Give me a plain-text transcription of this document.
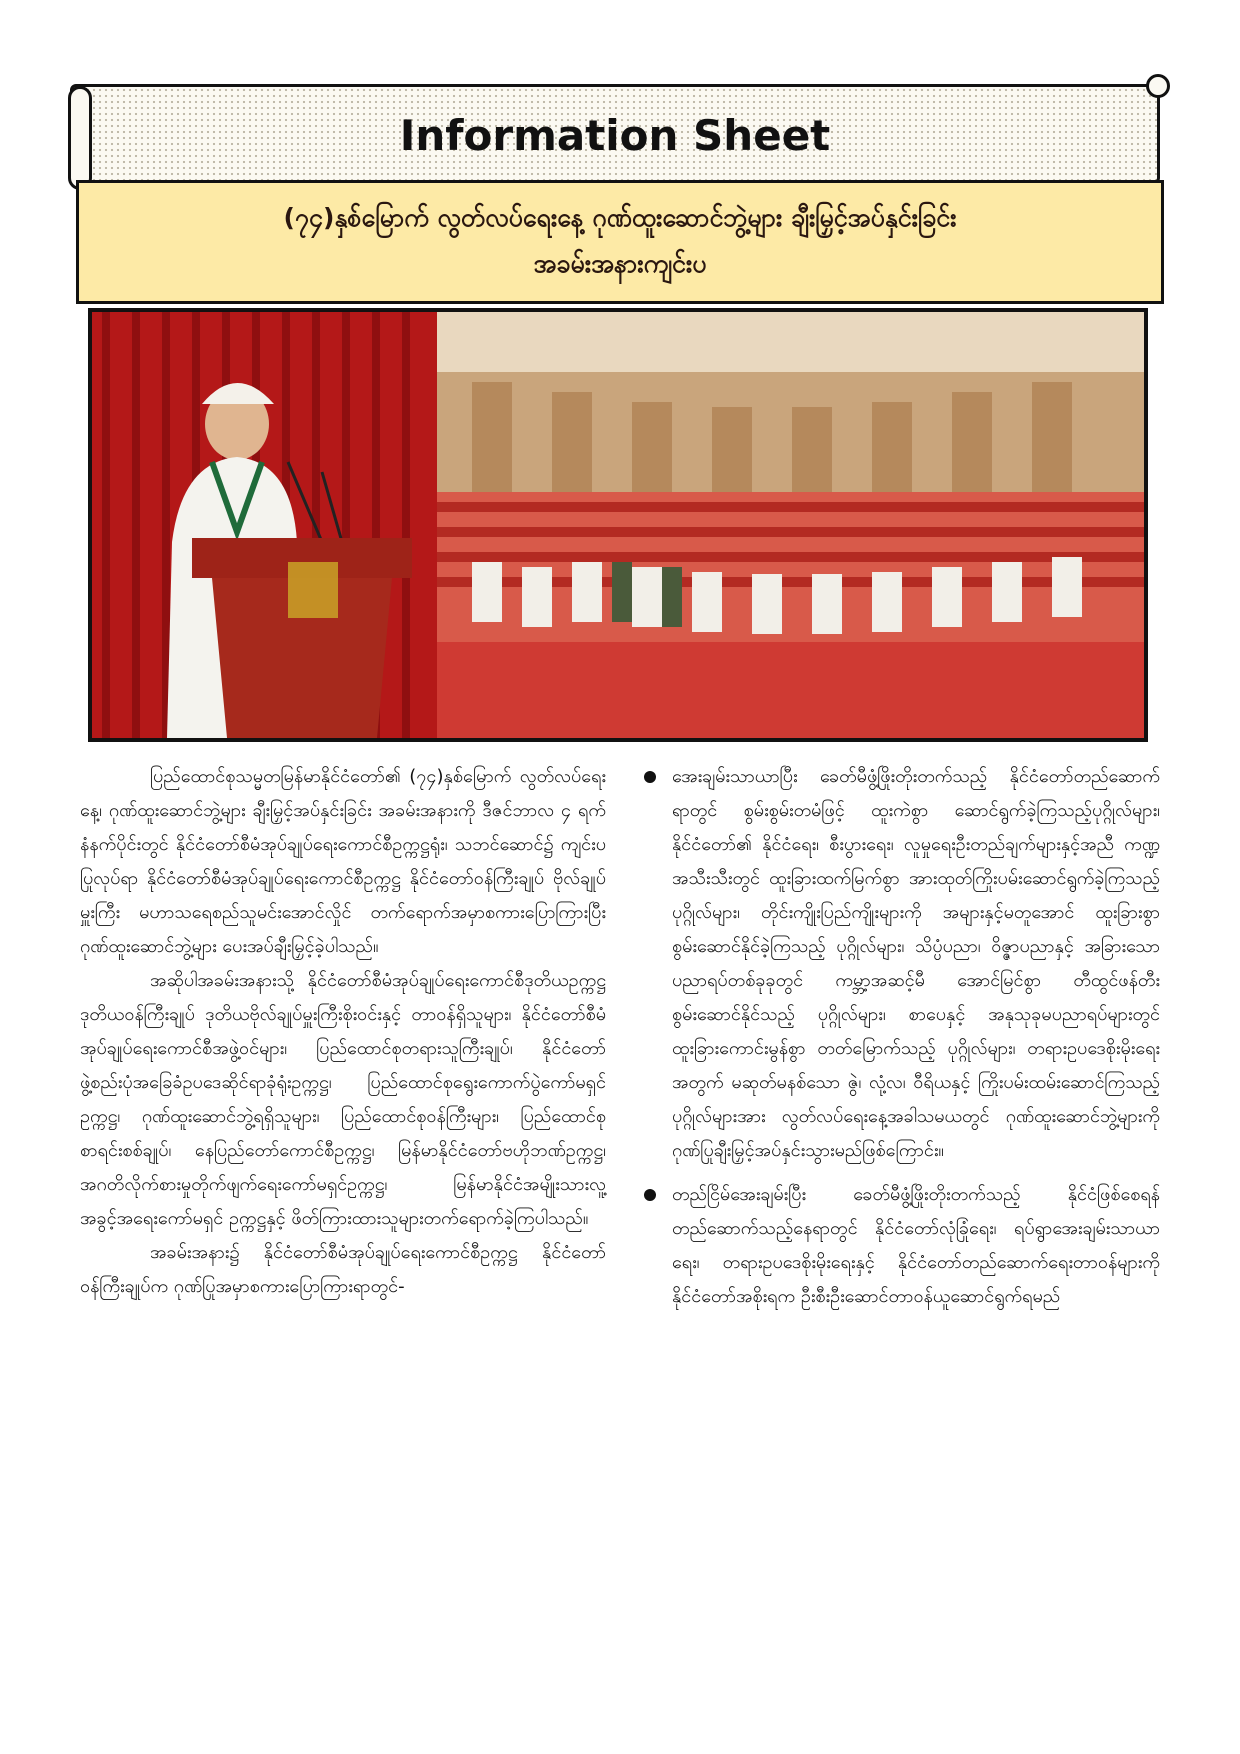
Information Sheet
(၇၄)နှစ်မြောက် လွတ်လပ်ရေးနေ့ ဂုဏ်ထူးဆောင်ဘွဲ့များ ချီးမြှင့်အပ်နှင်းခြင်း
အခမ်းအနားကျင်းပ

ပြည်ထောင်စုသမ္မတမြန်မာနိုင်ငံတော်၏ (၇၄)နှစ်မြောက် လွတ်လပ်ရေးနေ့၊ ဂုဏ်ထူးဆောင်ဘွဲ့များ ချီးမြှင့်အပ်နှင်းခြင်း အခမ်းအနားကို ဒီဇင်ဘာလ ၄ ရက် နံနက်ပိုင်းတွင် နိုင်ငံတော်စီမံအုပ်ချုပ်ရေးကောင်စီဥက္ကဋ္ဌရုံး၊ သဘင်ဆောင်၌ ကျင်းပပြုလုပ်ရာ နိုင်ငံတော်စီမံအုပ်ချုပ်ရေးကောင်စီဥက္ကဋ္ဌ နိုင်ငံတော်ဝန်ကြီးချုပ် ဗိုလ်ချုပ်မှူးကြီး မဟာသရေစည်သူမင်းအောင်လှိုင် တက်ရောက်အမှာစကားပြောကြားပြီး ဂုဏ်ထူးဆောင်ဘွဲ့များ ပေးအပ်ချီးမြှင့်ခဲ့ပါသည်။

အဆိုပါအခမ်းအနားသို့ နိုင်ငံတော်စီမံအုပ်ချုပ်ရေးကောင်စီဒုတိယဥက္ကဋ္ဌ ဒုတိယဝန်ကြီးချုပ် ဒုတိယဗိုလ်ချုပ်မှူးကြီးစိုးဝင်းနှင့် တာဝန်ရှိသူများ၊ နိုင်ငံတော်စီမံအုပ်ချုပ်ရေးကောင်စီအဖွဲ့ဝင်များ၊ ပြည်ထောင်စုတရားသူကြီးချုပ်၊ နိုင်ငံတော်ဖွဲ့စည်းပုံအခြေခံဥပဒေဆိုင်ရာခုံရုံးဥက္ကဋ္ဌ၊ ပြည်ထောင်စုရွေးကောက်ပွဲကော်မရှင်ဥက္ကဋ္ဌ၊ ဂုဏ်ထူးဆောင်ဘွဲ့ရရှိသူများ၊ ပြည်ထောင်စုဝန်ကြီးများ၊ ပြည်ထောင်စုစာရင်းစစ်ချုပ်၊ နေပြည်တော်ကောင်စီဥက္ကဋ္ဌ၊ မြန်မာနိုင်ငံတော်ဗဟိုဘဏ်ဥက္ကဋ္ဌ၊ အဂတိလိုက်စားမှုတိုက်ဖျက်ရေးကော်မရှင်ဥက္ကဋ္ဌ၊ မြန်မာနိုင်ငံအမျိုးသားလူ့အခွင့်အရေးကော်မရှင် ဥက္ကဋ္ဌနှင့် ဖိတ်ကြားထားသူများတက်ရောက်ခဲ့ကြပါသည်။

အခမ်းအနား၌ နိုင်ငံတော်စီမံအုပ်ချုပ်ရေးကောင်စီဥက္ကဋ္ဌ နိုင်ငံတော်ဝန်ကြီးချုပ်က ဂုဏ်ပြုအမှာစကားပြောကြားရာတွင်-

အေးချမ်းသာယာပြီး ခေတ်မီဖွံ့ဖြိုးတိုးတက်သည့် နိုင်ငံတော်တည်ဆောက်ရာတွင် စွမ်းစွမ်းတမံဖြင့် ထူးကဲစွာ ဆောင်ရွက်ခဲ့ကြသည့်ပုဂ္ဂိုလ်များ၊ နိုင်ငံတော်၏ နိုင်ငံရေး၊ စီးပွားရေး၊ လူမှုရေးဦးတည်ချက်များနှင့်အညီ ကဏ္ဍအသီးသီးတွင် ထူးခြားထက်မြက်စွာ အားထုတ်ကြိုးပမ်းဆောင်ရွက်ခဲ့ကြသည့် ပုဂ္ဂိုလ်များ၊ တိုင်းကျိုးပြည်ကျိုးများကို အများနှင့်မတူအောင် ထူးခြားစွာစွမ်းဆောင်နိုင်ခဲ့ကြသည့် ပုဂ္ဂိုလ်များ၊ သိပ္ပံပညာ၊ ဝိဇ္ဇာပညာနှင့် အခြားသောပညာရပ်တစ်ခုခုတွင် ကမ္ဘာ့အဆင့်မီ အောင်မြင်စွာ တီထွင်ဖန်တီးစွမ်းဆောင်နိုင်သည့် ပုဂ္ဂိုလ်များ၊ စာပေနှင့် အနုသုခုမပညာရပ်များတွင် ထူးခြားကောင်းမွန်စွာ တတ်မြောက်သည့် ပုဂ္ဂိုလ်များ၊ တရားဥပဒေစိုးမိုးရေးအတွက် မဆုတ်မနစ်သော ဇွဲ၊ လုံ့လ၊ ဝီရိယနှင့် ကြိုးပမ်းထမ်းဆောင်ကြသည့် ပုဂ္ဂိုလ်များအား လွတ်လပ်ရေးနေ့အခါသမယတွင် ဂုဏ်ထူးဆောင်ဘွဲ့များကို ဂုဏ်ပြုချီးမြှင့်အပ်နှင်းသွားမည်ဖြစ်ကြောင်း။
တည်ငြိမ်အေးချမ်းပြီး ခေတ်မီဖွံ့ဖြိုးတိုးတက်သည့် နိုင်ငံဖြစ်စေရန် တည်ဆောက်သည့်နေရာတွင် နိုင်ငံတော်လုံခြုံရေး၊ ရပ်ရွာအေးချမ်းသာယာရေး၊ တရားဥပဒေစိုးမိုးရေးနှင့် နိုင်ငံတော်တည်ဆောက်ရေးတာဝန်များကို နိုင်ငံတော်အစိုးရက ဦးစီးဦးဆောင်တာဝန်ယူဆောင်ရွက်ရမည်
